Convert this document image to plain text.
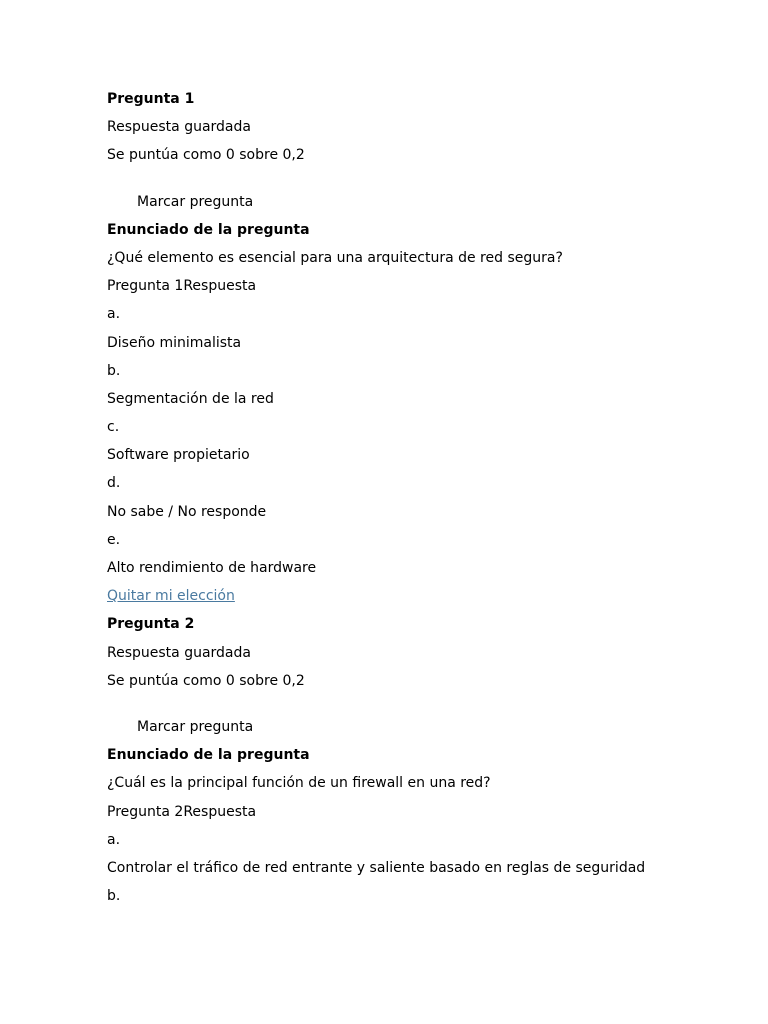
Pregunta 1
Respuesta guardada
Se puntúa como 0 sobre 0,2
Marcar pregunta
Enunciado de la pregunta
¿Qué elemento es esencial para una arquitectura de red segura?
Pregunta 1Respuesta
a.
Diseño minimalista
b.
Segmentación de la red
c.
Software propietario
d.
No sabe / No responde
e.
Alto rendimiento de hardware
Quitar mi elección
Pregunta 2
Respuesta guardada
Se puntúa como 0 sobre 0,2
Marcar pregunta
Enunciado de la pregunta
¿Cuál es la principal función de un firewall en una red?
Pregunta 2Respuesta
a.
Controlar el tráfico de red entrante y saliente basado en reglas de seguridad
b.
